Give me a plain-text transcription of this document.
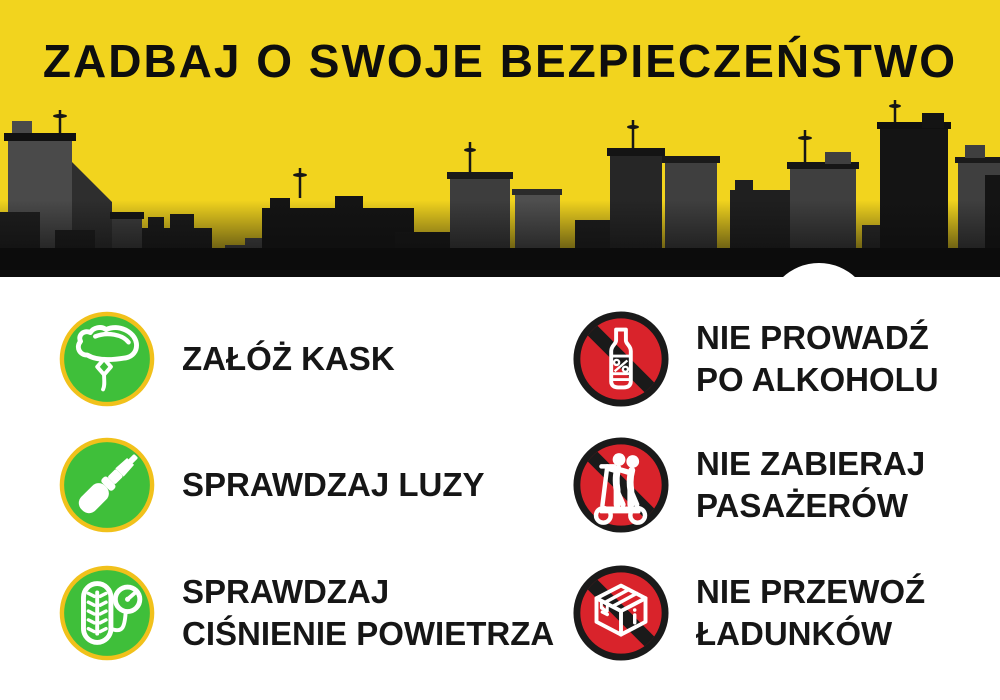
ZADBAJ O SWOJE BEZPIECZEŃSTWO
ZAŁÓŻ KASK
SPRAWDZAJ LUZY
SPRAWDZAJ
CIŚNIENIE POWIETRZA
NIE PROWADŹ
PO ALKOHOLU
NIE ZABIERAJ
PASAŻERÓW
NIE PRZEWOŹ
ŁADUNKÓW
